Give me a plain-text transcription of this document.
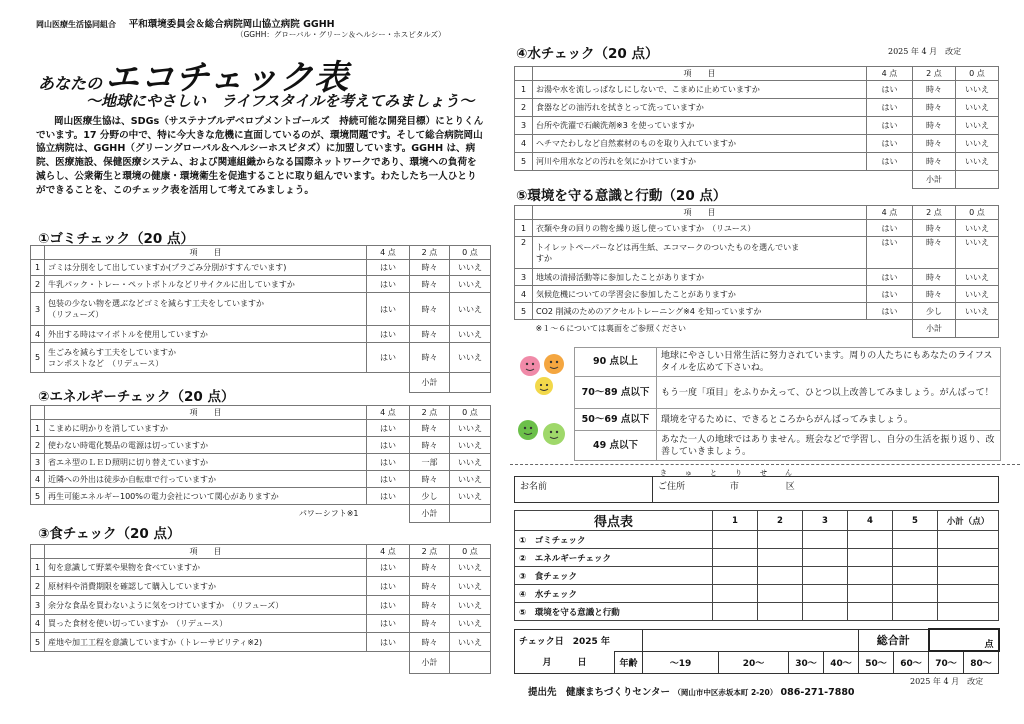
岡山医療生活協同組合 平和環境委員会＆総合病院岡山協立病院 GGHH
（GGHH：グローバル・グリーン＆ヘルシー・ホスピタルズ）
あなたの エコチェック表
～地球にやさしい　ライフスタイルを考えてみましょう～
岡山医療生協は、SDGs（サステナブルデベロプメントゴールズ　持続可能な開発目標）にとりくんでいます。17 分野の中で、特に今大きな危機に直面しているのが、環境問題です。そして総合病院岡山協立病院は、GGHH（グリーングローバル＆ヘルシーホスピタズ）に加盟しています。GGHH は、病院、医療施設、保健医療システム、および関連組織からなる国際ネットワークであり、環境への負荷を減らし、公衆衛生と環境の健康・環境衛生を促進することに取り組んでいます。わたしたち一人ひとりができることを、このチェック表を活用して考えてみましょう。
①ゴミチェック（20 点）
	項　　目	4 点	2 点	0 点
1	ゴミは分別をして出していますか(プラごみ分別がすすんでいます)	はい	時々	いいえ
2	牛乳パック・トレー・ペットボトルなどリサイクルに出していますか	はい	時々	いいえ
3	包装の少ない物を選ぶなどゴミを減らす工夫をしていますか
（リフューズ）	はい	時々	いいえ
4	外出する時はマイボトルを使用していますか	はい	時々	いいえ
5	生ごみを減らす工夫をしていますか
コンポストなど　（リデュース）	はい	時々	いいえ
			小計	
②エネルギーチェック（20 点）
	項　　目	4 点	2 点	0 点
1	こまめに明かりを消していますか	はい	時々	いいえ
2	使わない時電化製品の電源は切っていますか	はい	時々	いいえ
3	省エネ型のＬＥＤ照明に切り替えていますか	はい	一部	いいえ
4	近隣への外出は徒歩か自転車で行っていますか	はい	時々	いいえ
5	再生可能エネルギー100%の電力会社について関心がありますか	はい	少し	いいえ
	パワーシフト※1		小計	
③食チェック（20 点）
	項　　目	4 点	2 点	0 点
1	旬を意識して野菜や果物を食べていますか	はい	時々	いいえ
2	原材料や消費期限を確認して購入していますか	はい	時々	いいえ
3	余分な食品を買わないように気をつけていますか　（リフューズ）	はい	時々	いいえ
4	買った食材を使い切っていますか　（リデュース）	はい	時々	いいえ
5	産地や加工工程を意識していますか（トレーサビリティ※2)	はい	時々	いいえ
			小計	
④水チェック（20 点）	2025 年 4 月　改定
	項　　目	4 点	2 点	0 点
1	お湯や水を流しっぱなしにしないで、こまめに止めていますか	はい	時々	いいえ
2	食器などの油汚れを拭きとって洗っていますか	はい	時々	いいえ
3	台所や洗濯で石鹸洗剤※3 を使っていますか	はい	時々	いいえ
4	ヘチマたわしなど自然素材のものを取り入れていますか	はい	時々	いいえ
5	河川や用水などの汚れを気にかけていますか	はい	時々	いいえ
			小計	
⑤環境を守る意識と行動（20 点）
	項　　目	4 点	2 点	0 点
1	衣類や身の回りの物を繰り返し使っていますか　（リユース）	はい	時々	いいえ
2	トイレットペーパーなどは再生紙、エコマークのついたものを選んでいま
すか	はい	時々	いいえ
3	地域の清掃活動等に参加したことがありますか	はい	時々	いいえ
4	気候危機についての学習会に参加したことがありますか	はい	時々	いいえ
5	CO2 削減のためのアクセルトレーニング※4 を知っていますか	はい	少し	いいえ
	※１～６については裏面をご参照ください		小計	
90 点以上	地球にやさしい日常生活に努力されています。周りの人たちにもあなたのライフスタイルを広めて下さいね。
70～89 点以下	もう一度「項目」をふりかえって、ひとつ以上改善してみましょう。がんばって！
50～69 点以下	環境を守るために、できるところからがんばってみましょう。
49 点以下	あなた一人の地球ではありません。班会などで学習し、自分の生活を振り返り、改善していきましょう。
きゅとりせん
お名前	ご住所	市	区
得点表	1	2	3	4	5	小計（点）
①　ゴミチェック						
②　エネルギーチェック						
③　食チェック						
④　水チェック						
⑤　環境を守る意識と行動						
チェック日　2025 年						総合計		点	
月 日	年齢	～19	20～	30～	40～	50～	60～	70～	80～
2025 年 4 月　改定
提出先　健康まちづくりセンター （岡山市中区赤坂本町 2-20） 086-271-7880
